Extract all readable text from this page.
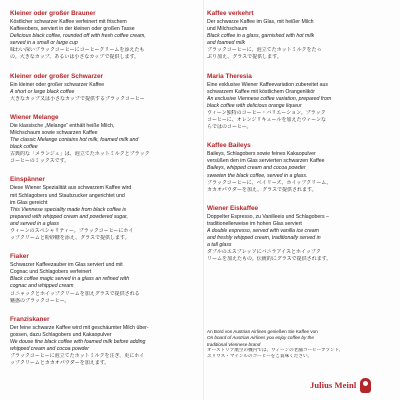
Kleiner oder großer Brauner
Köstlicher schwarzer Kaffee verfeinert mit frischem
Kaffeeobers, serviert in der kleinen oder großen Tasse
Delicious black coffee, rounded off with fresh coffee cream,
served in a small or large cup
味わい深いブラックコーヒーにコーヒークリームを添えたも
の。大きなカップ、あるいは小さなカップで提供します。
Kleiner oder großer Schwarzer
Ein kleiner oder großer schwarzer Kaffee
A short or large black coffee
大きなカップ又は小さなカップで提供するブラックコーヒー
Wiener Melange
Die klassische „Melange“ enthält heiße Milch,
Milchschaum sowie schwarzen Kaffee
The classic Melange contains hot milk, foamed milk and
black coffee
古典的な「メランジュ」は、泡立てたホットミルクとブラック
コーヒーのミックスです。
Einspänner
Diese Wiener Spezialität aus schwarzem Kaffee wird
mit Schlagobers und Staubzucker angerichtet und
im Glas gereicht
This Viennese speciality made from black coffee is
prepared with whipped cream and powdered sugar,
and served in a glass
ウィーンのスペシャリティー。ブラックコーヒーにホイ
ップクリームと粉砂糖を添え、グラスで提供します。
Fiaker
Schwarzer Kaffeezauber im Glas serviert und mit
Cognac und Schlagobers verfeinert
Black coffee magic served in a glass an refined with
cognac and whipped cream
コニャックとホイップクリームを加えグラスで提供される
魅惑のブラックコーヒー。
Franziskaner
Der feine schwarze Kaffee wird mit geschäumter Milch über-
gossen, dazu Schlagobers und Kakaopulver
We douse fine black coffee with foamed milk before adding
whipped cream and cocoa powder
ブラックコーヒーに泡立てたホットミルクを注ぎ、更にホイ
ップクリームとカカオパウダーを加えます。
Kaffee verkehrt
Der schwarze Kaffee im Glas, mit heißer Milch
und Milchschaum
Black coffee in a glass, garnished with hot milk
and foamed milk
ブラックコーヒーに、泡立てたホットミルクをたっ
ぷり加え、グラスで提供します。
Maria Theresia
Eine exklusive Wiener Kaffeevariation zubereitet aus
schwarzem Kaffee mit köstlichem Orangenlikör
An exclusive Viennese coffee variation, prepared from
black coffee with delicious orange liqueur
ウィーン独特のコーヒー・バリエーション。ブラック
コーヒーに、オレンジリキュールを加えたウィーンな
らではのコーヒー。
Kaffee Baileys
Baileys, Schlagobers sowie feines Kakaopulver
versüßen den im Glas servierten schwarzen Kaffee
Baileys, whipped cream and cocoa powder
sweeten the black coffee, served in a glass.
ブラックコーヒーに、ベイリーズ、ホイップクリーム、
カカオパウダーを加え、グラスで提供されます。
Wiener Eiskaffee
Doppelter Espresso, zu Vanilleeis und Schlagobers –
traditionellerweise im hohen Glas serviert
A double espresso, served with vanilla ice cream
and freshly whipped cream, traditionally served in
a tall glass
ダブルのエスプレッソにバニラアイスとホイップク
リームを加えたもの。伝統的にグラスで提供されます。
An Bord von Austrian Airlines genießen Sie Kaffee von
On board of Austrian Airlines you enjoy coffee by the
traditional Viennese brand
オーストリア航空の機内では、ウィーンの老舗コーヒーブランド、
ユリウス・マインルのコーヒーをご賞味ください。
Julius Meinl
